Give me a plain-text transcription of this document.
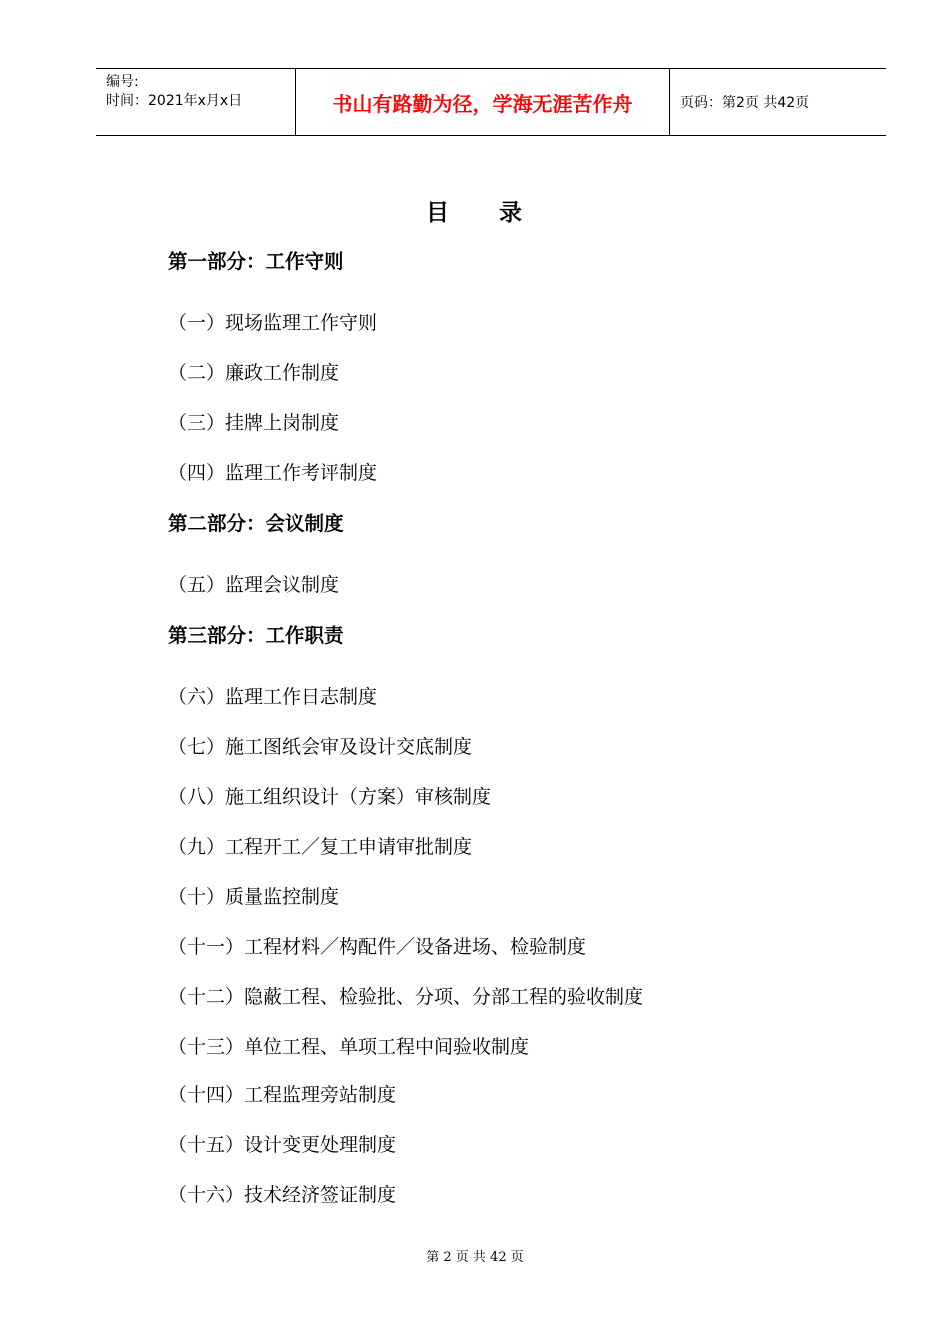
编号:
时间：2021年x月x日	书山有路勤为径，学海无涯苦作舟	页码：第2页 共42页
目 录
第一部分：工作守则
（一）现场监理工作守则
（二）廉政工作制度
（三）挂牌上岗制度
（四）监理工作考评制度
第二部分：会议制度
（五）监理会议制度
第三部分：工作职责
（六）监理工作日志制度
（七）施工图纸会审及设计交底制度
（八）施工组织设计（方案）审核制度
（九）工程开工／复工申请审批制度
（十）质量监控制度
（十一）工程材料／构配件／设备进场、检验制度
（十二）隐蔽工程、检验批、分项、分部工程的验收制度
（十三）单位工程、单项工程中间验收制度
（十四）工程监理旁站制度
（十五）设计变更处理制度
（十六）技术经济签证制度
第 2 页 共 42 页
